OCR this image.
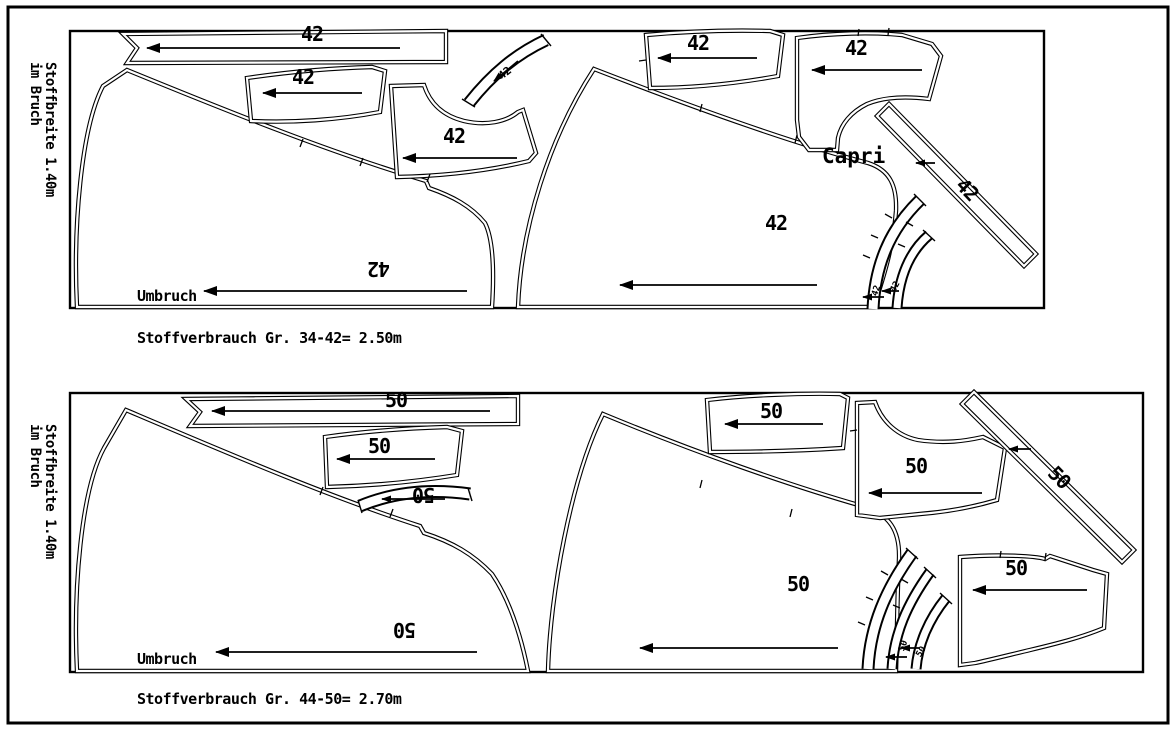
42
42
42
42
42	42
42
42
42
42 42
Capri
Umbruch
Stoffbreite 1.40m
im Bruch
Stoffverbrauch Gr. 34-42= 2.50m
50
50
50
50
50	50
50
50
50
50 50
Umbruch
Stoffbreite 1.40m
im Bruch
Stoffverbrauch Gr. 44-50= 2.70m
